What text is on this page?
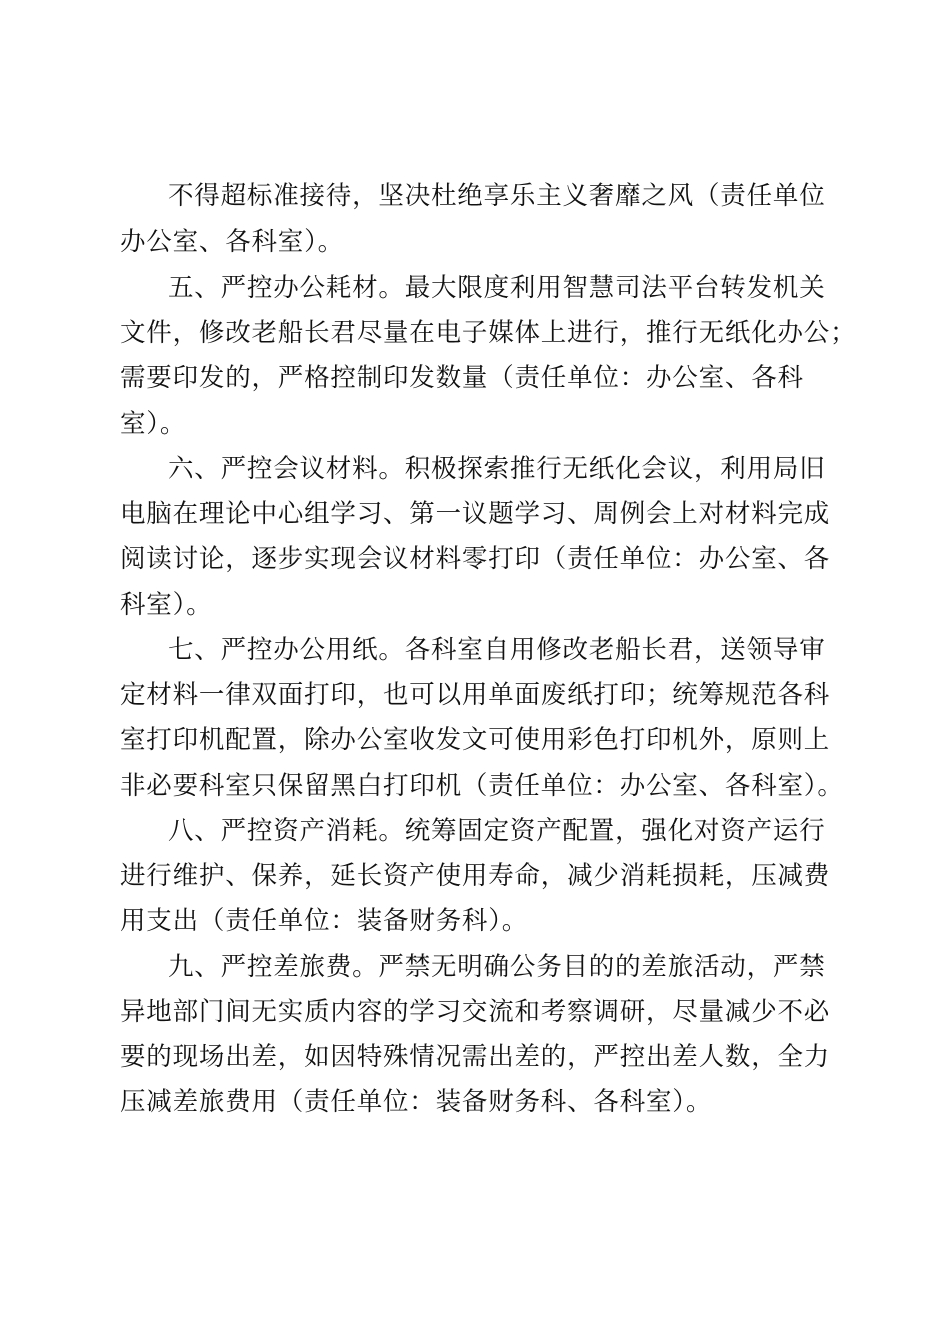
不得超标准接待，坚决杜绝享乐主义奢靡之风（责任单位
办公室、各科室）。
五、严控办公耗材。最大限度利用智慧司法平台转发机关
文件，修改老船长君尽量在电子媒体上进行，推行无纸化办公；
需要印发的，严格控制印发数量（责任单位：办公室、各科
室）。
六、严控会议材料。积极探索推行无纸化会议，利用局旧
电脑在理论中心组学习、第一议题学习、周例会上对材料完成
阅读讨论，逐步实现会议材料零打印（责任单位：办公室、各
科室）。
七、严控办公用纸。各科室自用修改老船长君，送领导审
定材料一律双面打印，也可以用单面废纸打印；统筹规范各科
室打印机配置，除办公室收发文可使用彩色打印机外，原则上
非必要科室只保留黑白打印机（责任单位：办公室、各科室）。
八、严控资产消耗。统筹固定资产配置，强化对资产运行
进行维护、保养，延长资产使用寿命，减少消耗损耗，压减费
用支出（责任单位：装备财务科）。
九、严控差旅费。严禁无明确公务目的的差旅活动，严禁
异地部门间无实质内容的学习交流和考察调研，尽量减少不必
要的现场出差，如因特殊情况需出差的，严控出差人数，全力
压减差旅费用（责任单位：装备财务科、各科室）。
